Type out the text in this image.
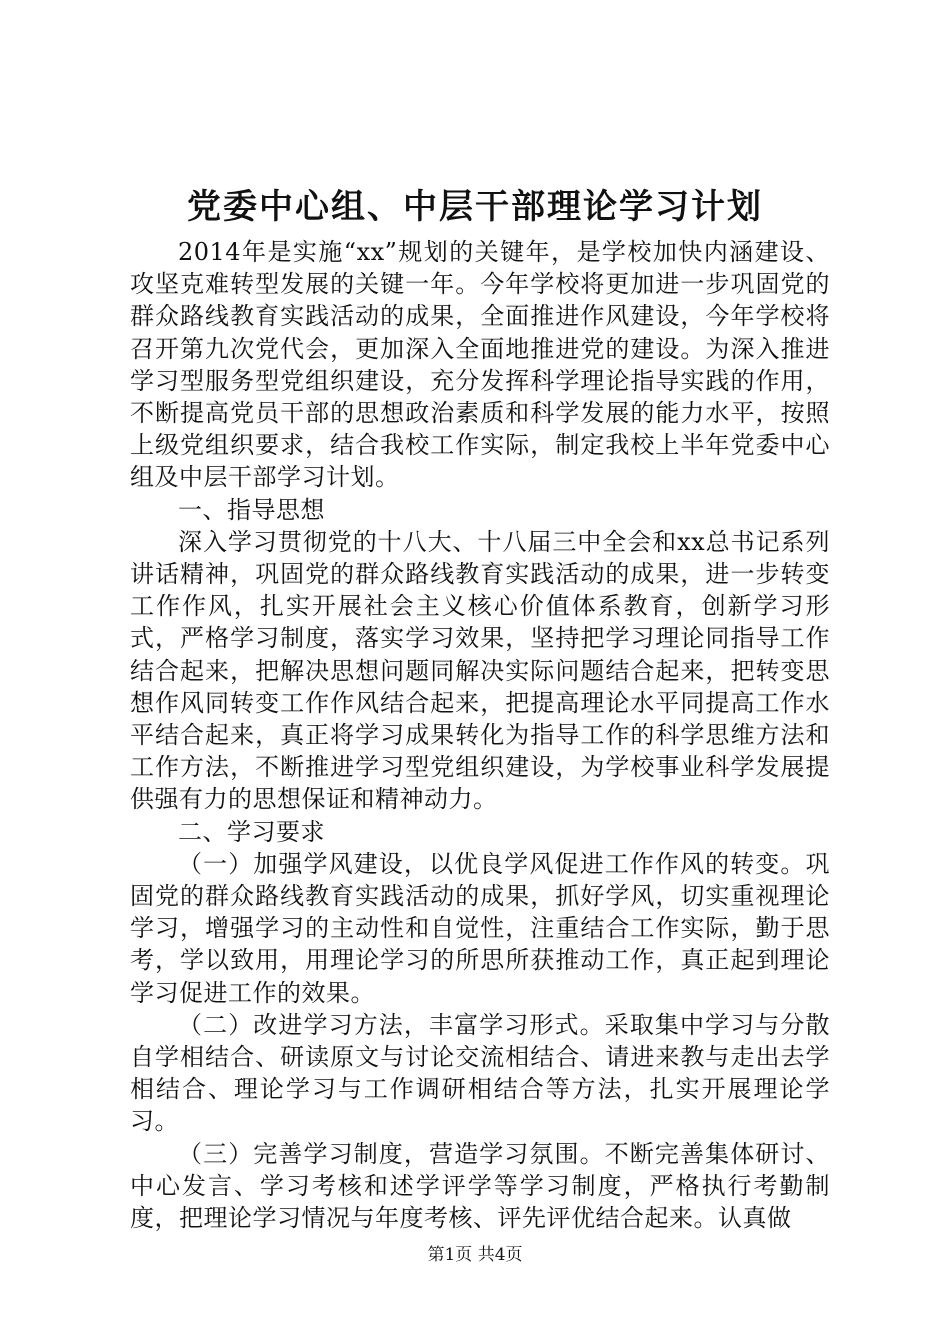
党委中心组、中层干部理论学习计划

2014年是实施“xx”规划的关键年，是学校加快内涵建设、攻坚克难转型发展的关键一年。今年学校将更加进一步巩固党的群众路线教育实践活动的成果，全面推进作风建设，今年学校将召开第九次党代会，更加深入全面地推进党的建设。为深入推进学习型服务型党组织建设，充分发挥科学理论指导实践的作用，不断提高党员干部的思想政治素质和科学发展的能力水平，按照上级党组织要求，结合我校工作实际，制定我校上半年党委中心组及中层干部学习计划。

一、指导思想

深入学习贯彻党的十八大、十八届三中全会和xx总书记系列讲话精神，巩固党的群众路线教育实践活动的成果，进一步转变工作作风，扎实开展社会主义核心价值体系教育，创新学习形式，严格学习制度，落实学习效果，坚持把学习理论同指导工作结合起来，把解决思想问题同解决实际问题结合起来，把转变思想作风同转变工作作风结合起来，把提高理论水平同提高工作水平结合起来，真正将学习成果转化为指导工作的科学思维方法和工作方法，不断推进学习型党组织建设，为学校事业科学发展提供强有力的思想保证和精神动力。

二、学习要求

（一）加强学风建设，以优良学风促进工作作风的转变。巩固党的群众路线教育实践活动的成果，抓好学风，切实重视理论学习，增强学习的主动性和自觉性，注重结合工作实际，勤于思考，学以致用，用理论学习的所思所获推动工作，真正起到理论学习促进工作的效果。

（二）改进学习方法，丰富学习形式。采取集中学习与分散自学相结合、研读原文与讨论交流相结合、请进来教与走出去学相结合、理论学习与工作调研相结合等方法，扎实开展理论学习。

（三）完善学习制度，营造学习氛围。不断完善集体研讨、中心发言、学习考核和述学评学等学习制度，严格执行考勤制度，把理论学习情况与年度考核、评先评优结合起来。认真做

第1页 共4页
